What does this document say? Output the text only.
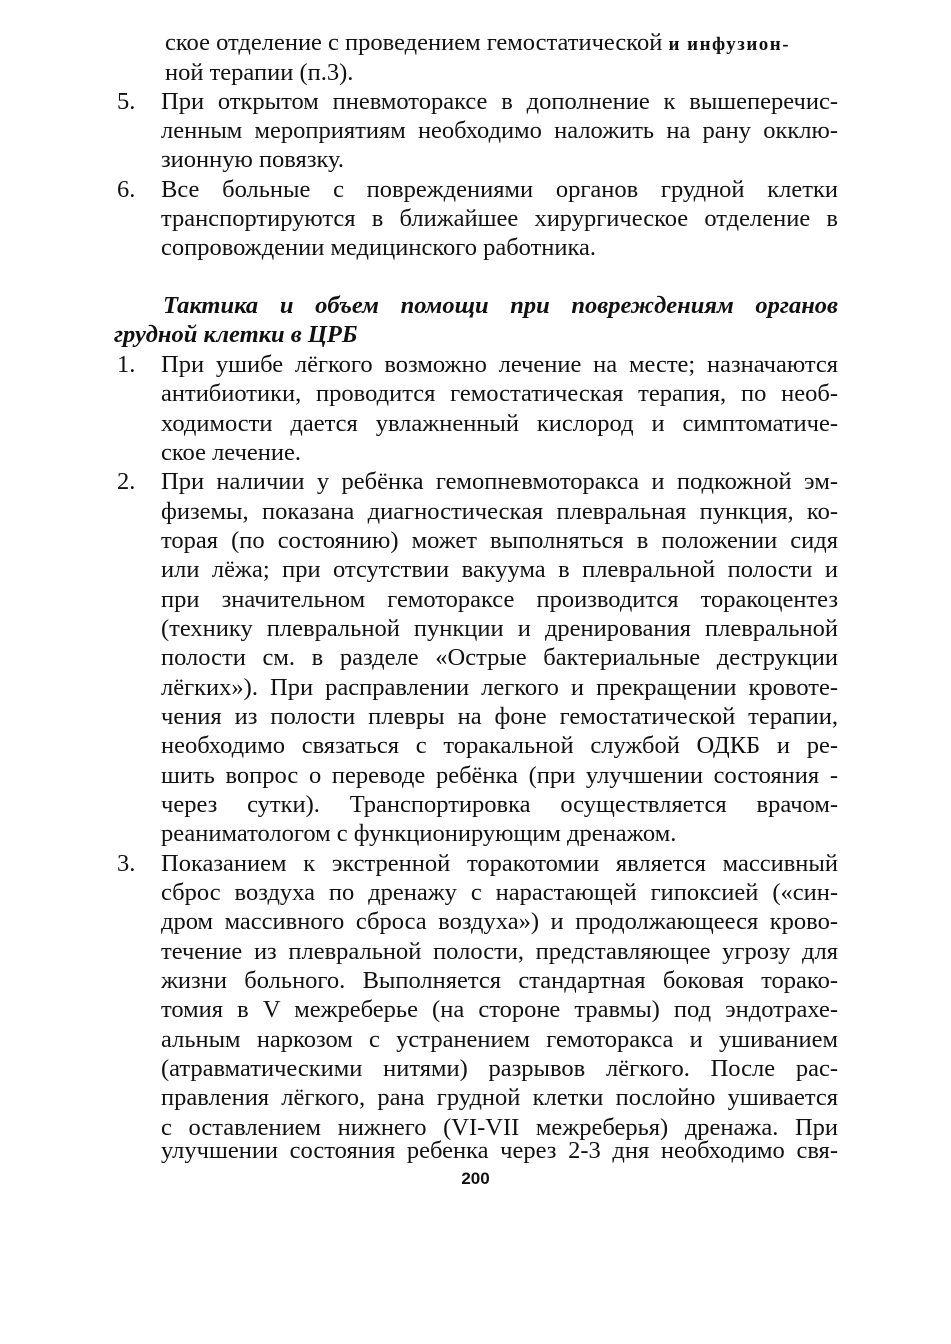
ское отделение с проведением гемостатической и инфузион-
ной терапии (п.3).
5. При открытом пневмотораксе в дополнение к вышеперечис-
ленным мероприятиям необходимо наложить на рану окклю-
зионную повязку.
6. Все больные с повреждениями органов грудной клетки
транспортируются в ближайшее хирургическое отделение в
сопровождении медицинского работника.
Тактика и объем помощи при повреждениям органов
грудной клетки в ЦРБ
1. При ушибе лёгкого возможно лечение на месте; назначаются
антибиотики, проводится гемостатическая терапия, по необ-
ходимости дается увлажненный кислород и симптоматиче-
ское лечение.
2. При наличии у ребёнка гемопневмоторакса и подкожной эм-
физемы, показана диагностическая плевральная пункция, ко-
торая (по состоянию) может выполняться в положении сидя
или лёжа; при отсутствии вакуума в плевральной полости и
при значительном гемотораксе производится торакоцентез
(технику плевральной пункции и дренирования плевральной
полости см. в разделе «Острые бактериальные деструкции
лёгких»). При расправлении легкого и прекращении кровоте-
чения из полости плевры на фоне гемостатической терапии,
необходимо связаться с торакальной службой ОДКБ и ре-
шить вопрос о переводе ребёнка (при улучшении состояния -
через сутки). Транспортировка осуществляется врачом-
реаниматологом с функционирующим дренажом.
3. Показанием к экстренной торакотомии является массивный
сброс воздуха по дренажу с нарастающей гипоксией («син-
дром массивного сброса воздуха») и продолжающееся крово-
течение из плевральной полости, представляющее угрозу для
жизни больного. Выполняется стандартная боковая торако-
томия в V межреберье (на стороне травмы) под эндотрахе-
альным наркозом с устранением гемоторакса и ушиванием
(атравматическими нитями) разрывов лёгкого. После рас-
правления лёгкого, рана грудной клетки послойно ушивается
с оставлением нижнего (VI-VII межреберья) дренажа. При
улучшении состояния ребенка через 2-3 дня необходимо свя-
200
